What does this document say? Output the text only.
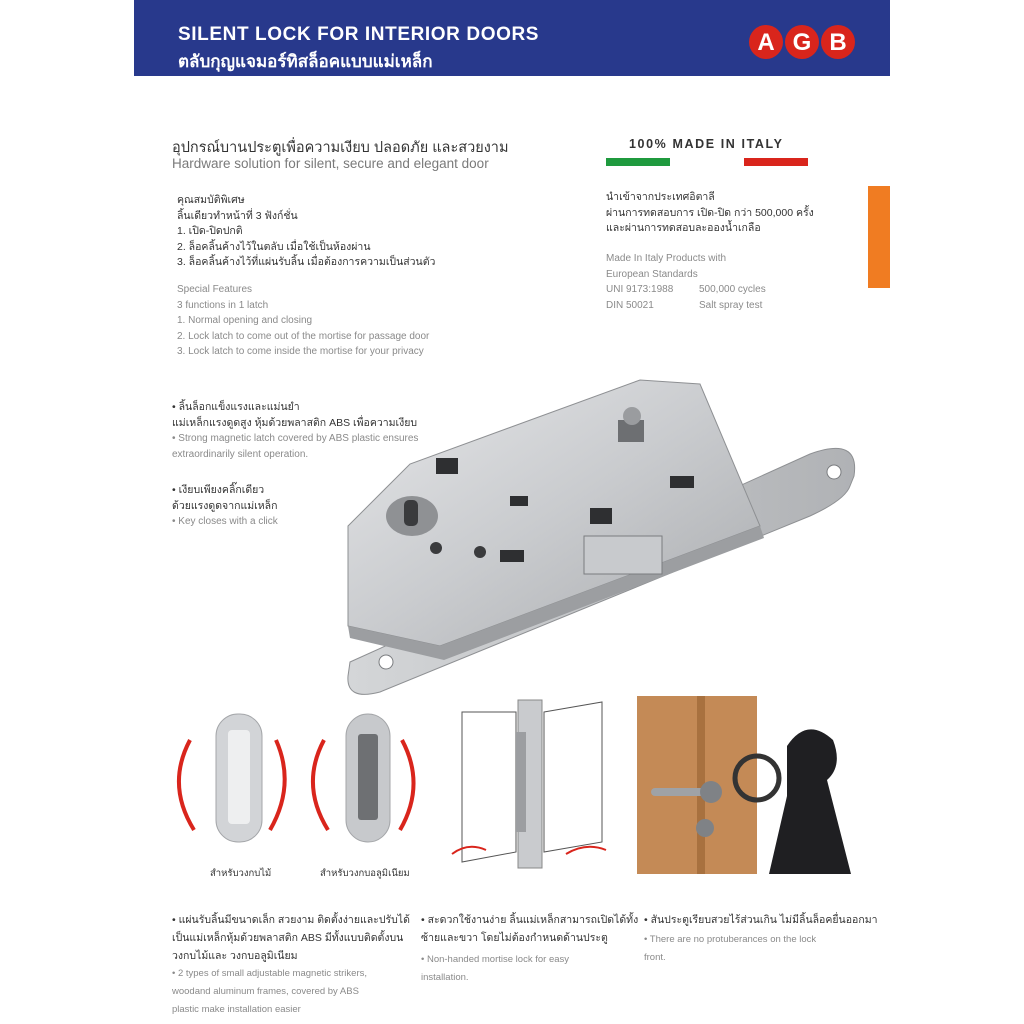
SILENT LOCK FOR INTERIOR DOORS
ตลับกุญแจมอร์ทิสล็อคแบบแม่เหล็ก
A G B
อุปกรณ์บานประตูเพื่อความเงียบ ปลอดภัย และสวยงาม
Hardware solution for silent, secure and elegant door
คุณสมบัติพิเศษ
ลิ้นเดียวทำหน้าที่ 3 ฟังก์ชั่น
1. เปิด-ปิดปกติ
2. ล็อคลิ้นค้างไว้ในตลับ เมื่อใช้เป็นห้องผ่าน
3. ล็อคลิ้นค้างไว้ที่แผ่นรับลิ้น เมื่อต้องการความเป็นส่วนตัว
Special Features
3 functions in 1 latch
1. Normal opening and closing
2. Lock latch to come out of the mortise for passage door
3. Lock latch to come inside the mortise for your privacy
100% MADE IN ITALY
นำเข้าจากประเทศอิตาลี
ผ่านการทดสอบการ เปิด-ปิด กว่า 500,000 ครั้ง
และผ่านการทดสอบละอองน้ำเกลือ
Made In Italy Products with
European Standards
UNI 9173:1988	500,000 cycles
DIN 50021	Salt spray test
• ลิ้นล็อกแข็งแรงและแม่นยำ
แม่เหล็กแรงดูดสูง หุ้มด้วยพลาสติก ABS เพื่อความเงียบ
• Strong magnetic latch covered by ABS plastic ensures
extraordinarily silent operation.
• เงียบเพียงคลิ๊กเดียว
ด้วยแรงดูดจากแม่เหล็ก
• Key closes with a click
สำหรับวงกบไม้	สำหรับวงกบอลูมิเนียม
• แผ่นรับลิ้นมีขนาดเล็ก สวยงาม ติดตั้งง่ายและปรับได้
เป็นแม่เหล็กหุ้มด้วยพลาสติก ABS มีทั้งแบบติดตั้งบน
วงกบไม้และ วงกบอลูมิเนียม
• 2 types of small adjustable magnetic strikers,
woodand aluminum frames, covered by ABS
plastic make installation easier
• สะดวกใช้งานง่าย ลิ้นแม่เหล็กสามารถเปิดได้ทั้ง
ซ้ายและขวา โดยไม่ต้องกำหนดด้านประตู
• Non-handed mortise lock for easy
installation.
• สันประตูเรียบสวยไร้ส่วนเกิน ไม่มีลิ้นล็อคยื่นออกมา
• There are no protuberances on the lock
front.
